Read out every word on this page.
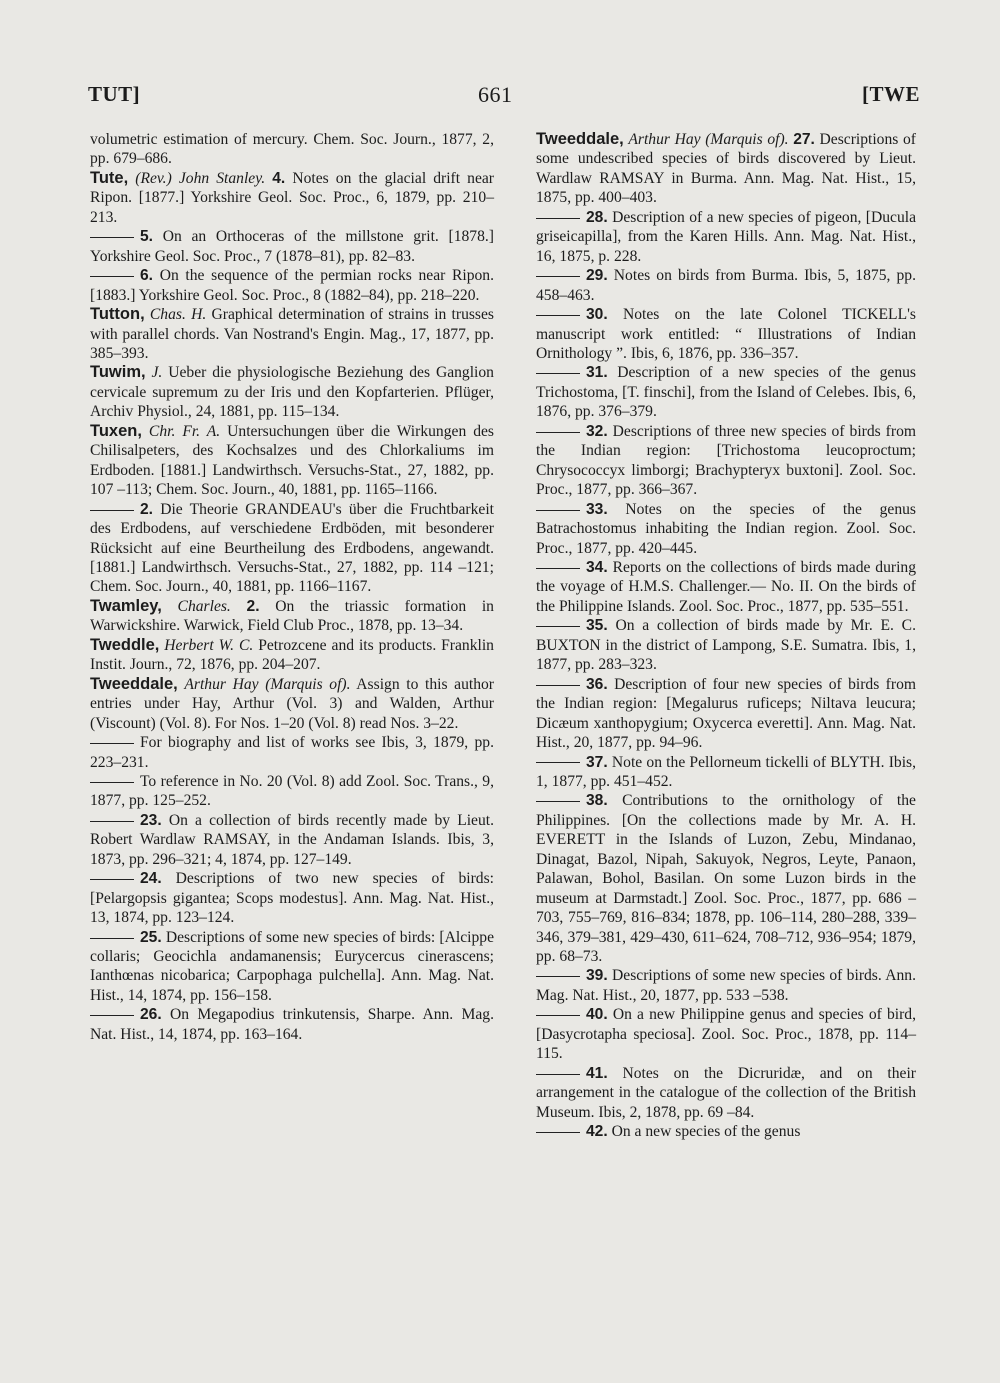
TUT]	661	[TWE

volumetric estimation of mercury. Chem. Soc. Journ., 1877, 2, pp. 679–686.

Tute, (Rev.) John Stanley. 4. Notes on the glacial drift near Ripon. [1877.] Yorkshire Geol. Soc. Proc., 6, 1879, pp. 210–213.

5. On an Orthoceras of the millstone grit. [1878.] Yorkshire Geol. Soc. Proc., 7 (1878–81), pp. 82–83.

6. On the sequence of the permian rocks near Ripon. [1883.] Yorkshire Geol. Soc. Proc., 8 (1882–84), pp. 218–220.

Tutton, Chas. H. Graphical determination of strains in trusses with parallel chords. Van Nostrand's Engin. Mag., 17, 1877, pp. 385–393.

Tuwim, J. Ueber die physiologische Beziehung des Ganglion cervicale supremum zu der Iris und den Kopfarterien. Pflüger, Archiv Physiol., 24, 1881, pp. 115–134.

Tuxen, Chr. Fr. A. Untersuchungen über die Wirkungen des Chilisalpeters, des Kochsalzes und des Chlorkaliums im Erdboden. [1881.] Landwirthsch. Versuchs-Stat., 27, 1882, pp. 107 –113; Chem. Soc. Journ., 40, 1881, pp. 1165–1166.

2. Die Theorie GRANDEAU's über die Fruchtbarkeit des Erdbodens, auf verschiedene Erdböden, mit besonderer Rücksicht auf eine Beurtheilung des Erdbodens, angewandt. [1881.] Landwirthsch. Versuchs-Stat., 27, 1882, pp. 114 –121; Chem. Soc. Journ., 40, 1881, pp. 1166–1167.

Twamley, Charles. 2. On the triassic formation in Warwickshire. Warwick, Field Club Proc., 1878, pp. 13–34.

Tweddle, Herbert W. C. Petrozcene and its products. Franklin Instit. Journ., 72, 1876, pp. 204–207.

Tweeddale, Arthur Hay (Marquis of). Assign to this author entries under Hay, Arthur (Vol. 3) and Walden, Arthur (Viscount) (Vol. 8). For Nos. 1–20 (Vol. 8) read Nos. 3–22.

For biography and list of works see Ibis, 3, 1879, pp. 223–231.

To reference in No. 20 (Vol. 8) add Zool. Soc. Trans., 9, 1877, pp. 125–252.

23. On a collection of birds recently made by Lieut. Robert Wardlaw RAMSAY, in the Andaman Islands. Ibis, 3, 1873, pp. 296–321; 4, 1874, pp. 127–149.

24. Descriptions of two new species of birds: [Pelargopsis gigantea; Scops modestus]. Ann. Mag. Nat. Hist., 13, 1874, pp. 123–124.

25. Descriptions of some new species of birds: [Alcippe collaris; Geocichla andamanensis; Eurycercus cinerascens; Ianthœnas nicobarica; Carpophaga pulchella]. Ann. Mag. Nat. Hist., 14, 1874, pp. 156–158.

26. On Megapodius trinkutensis, Sharpe. Ann. Mag. Nat. Hist., 14, 1874, pp. 163–164.

Tweeddale, Arthur Hay (Marquis of). 27. Descriptions of some undescribed species of birds discovered by Lieut. Wardlaw RAMSAY in Burma. Ann. Mag. Nat. Hist., 15, 1875, pp. 400–403.

28. Description of a new species of pigeon, [Ducula griseicapilla], from the Karen Hills. Ann. Mag. Nat. Hist., 16, 1875, p. 228.

29. Notes on birds from Burma. Ibis, 5, 1875, pp. 458–463.

30. Notes on the late Colonel TICKELL's manuscript work entitled: “ Illustrations of Indian Ornithology ”. Ibis, 6, 1876, pp. 336–357.

31. Description of a new species of the genus Trichostoma, [T. finschi], from the Island of Celebes. Ibis, 6, 1876, pp. 376–379.

32. Descriptions of three new species of birds from the Indian region: [Trichostoma leucoproctum; Chrysococcyx limborgi; Brachypteryx buxtoni]. Zool. Soc. Proc., 1877, pp. 366–367.

33. Notes on the species of the genus Batrachostomus inhabiting the Indian region. Zool. Soc. Proc., 1877, pp. 420–445.

34. Reports on the collections of birds made during the voyage of H.M.S. Challenger.— No. II. On the birds of the Philippine Islands. Zool. Soc. Proc., 1877, pp. 535–551.

35. On a collection of birds made by Mr. E. C. BUXTON in the district of Lampong, S.E. Sumatra. Ibis, 1, 1877, pp. 283–323.

36. Description of four new species of birds from the Indian region: [Megalurus ruficeps; Niltava leucura; Dicæum xanthopygium; Oxycerca everetti]. Ann. Mag. Nat. Hist., 20, 1877, pp. 94–96.

37. Note on the Pellorneum tickelli of BLYTH. Ibis, 1, 1877, pp. 451–452.

38. Contributions to the ornithology of the Philippines. [On the collections made by Mr. A. H. EVERETT in the Islands of Luzon, Zebu, Mindanao, Dinagat, Bazol, Nipah, Sakuyok, Negros, Leyte, Panaon, Palawan, Bohol, Basilan. On some Luzon birds in the museum at Darmstadt.] Zool. Soc. Proc., 1877, pp. 686 –703, 755–769, 816–834; 1878, pp. 106–114, 280–288, 339–346, 379–381, 429–430, 611–624, 708–712, 936–954; 1879, pp. 68–73.

39. Descriptions of some new species of birds. Ann. Mag. Nat. Hist., 20, 1877, pp. 533 –538.

40. On a new Philippine genus and species of bird, [Dasycrotapha speciosa]. Zool. Soc. Proc., 1878, pp. 114–115.

41. Notes on the Dicruridæ, and on their arrangement in the catalogue of the collection of the British Museum. Ibis, 2, 1878, pp. 69 –84.

42. On a new species of the genus
